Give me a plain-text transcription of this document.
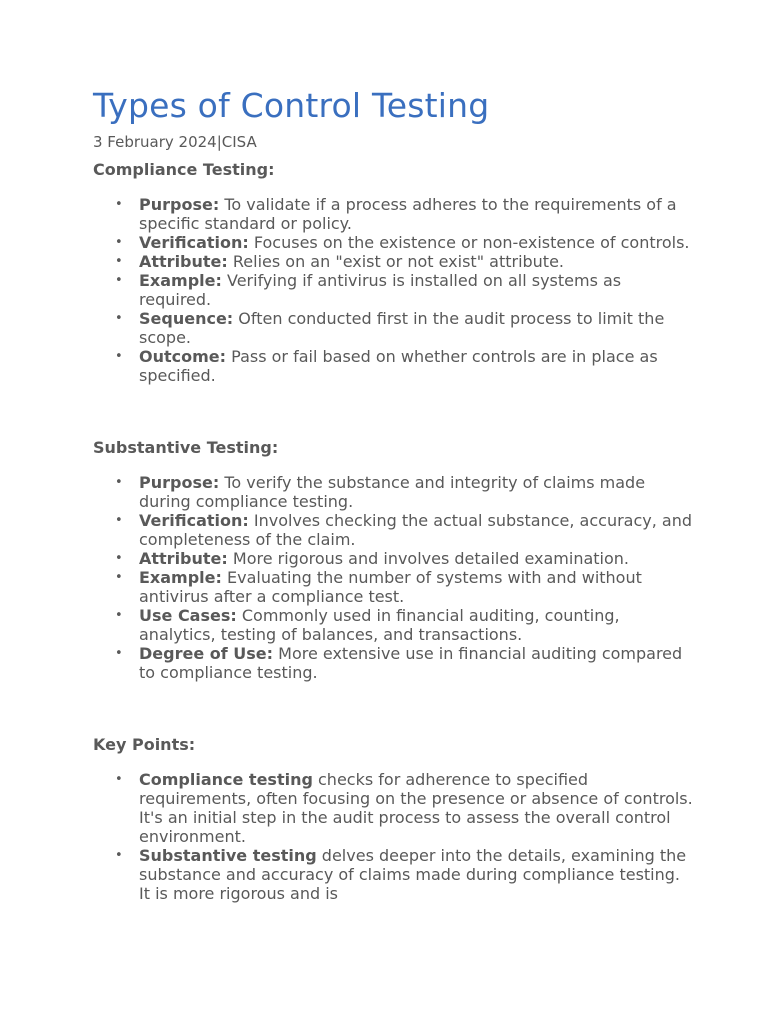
Types of Control Testing
3 February 2024|CISA
Compliance Testing:
• Purpose: To validate if a process adheres to the requirements of a specific standard or policy.
• Verification: Focuses on the existence or non-existence of controls.
• Attribute: Relies on an "exist or not exist" attribute.
• Example: Verifying if antivirus is installed on all systems as required.
• Sequence: Often conducted first in the audit process to limit the scope.
• Outcome: Pass or fail based on whether controls are in place as specified.
Substantive Testing:
• Purpose: To verify the substance and integrity of claims made during compliance testing.
• Verification: Involves checking the actual substance, accuracy, and completeness of the claim.
• Attribute: More rigorous and involves detailed examination.
• Example: Evaluating the number of systems with and without antivirus after a compliance test.
• Use Cases: Commonly used in financial auditing, counting, analytics, testing of balances, and transactions.
• Degree of Use: More extensive use in financial auditing compared to compliance testing.
Key Points:
• Compliance testing checks for adherence to specified requirements, often focusing on the presence or absence of controls. It's an initial step in the audit process to assess the overall control environment.
• Substantive testing delves deeper into the details, examining the substance and accuracy of claims made during compliance testing. It is more rigorous and is
